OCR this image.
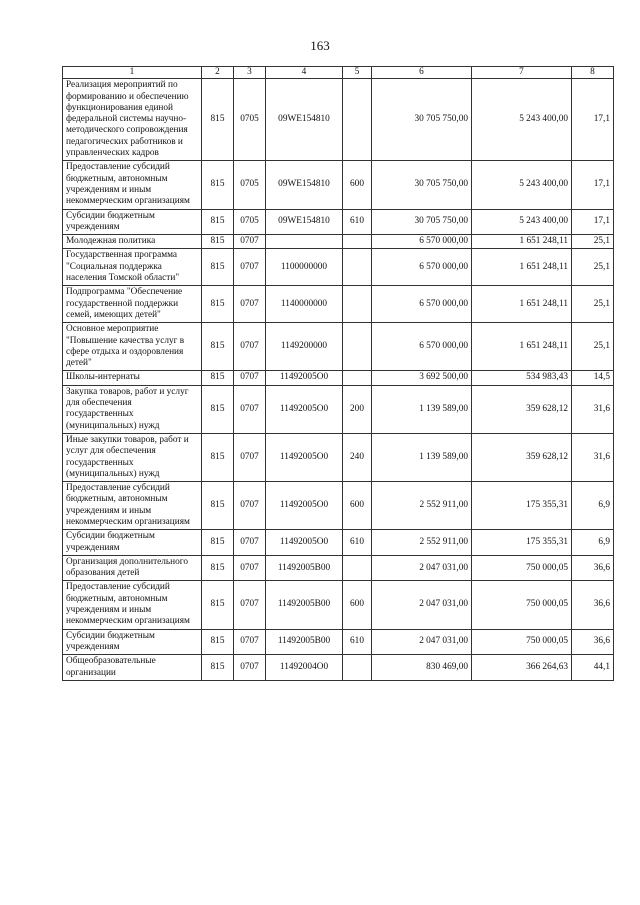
163
1	2	3	4	5	6	7	8
Реализация мероприятий по формированию и обеспечению функционирования единой федеральной системы научно-методического сопровождения педагогических работников и управленческих кадров	815	0705	09WE154810		30 705 750,00	5 243 400,00	17,1
Предоставление субсидий бюджетным, автономным учреждениям и иным некоммерческим организациям	815	0705	09WE154810	600	30 705 750,00	5 243 400,00	17,1
Субсидии бюджетным учреждениям	815	0705	09WE154810	610	30 705 750,00	5 243 400,00	17,1
Молодежная политика	815	0707			6 570 000,00	1 651 248,11	25,1
Государственная программа "Социальная поддержка населения Томской области"	815	0707	1100000000		6 570 000,00	1 651 248,11	25,1
Подпрограмма "Обеспечение государственной поддержки семей, имеющих детей"	815	0707	1140000000		6 570 000,00	1 651 248,11	25,1
Основное мероприятие "Повышение качества услуг в сфере отдыха и оздоровления детей"	815	0707	1149200000		6 570 000,00	1 651 248,11	25,1
Школы-интернаты	815	0707	11492005О0		3 692 500,00	534 983,43	14,5
Закупка товаров, работ и услуг для обеспечения государственных (муниципальных) нужд	815	0707	11492005О0	200	1 139 589,00	359 628,12	31,6
Иные закупки товаров, работ и услуг для обеспечения государственных (муниципальных) нужд	815	0707	11492005О0	240	1 139 589,00	359 628,12	31,6
Предоставление субсидий бюджетным, автономным учреждениям и иным некоммерческим организациям	815	0707	11492005О0	600	2 552 911,00	175 355,31	6,9
Субсидии бюджетным учреждениям	815	0707	11492005О0	610	2 552 911,00	175 355,31	6,9
Организация дополнительного образования детей	815	0707	11492005В00		2 047 031,00	750 000,05	36,6
Предоставление субсидий бюджетным, автономным учреждениям и иным некоммерческим организациям	815	0707	11492005В00	600	2 047 031,00	750 000,05	36,6
Субсидии бюджетным учреждениям	815	0707	11492005В00	610	2 047 031,00	750 000,05	36,6
Общеобразовательные организации	815	0707	11492004О0		830 469,00	366 264,63	44,1
